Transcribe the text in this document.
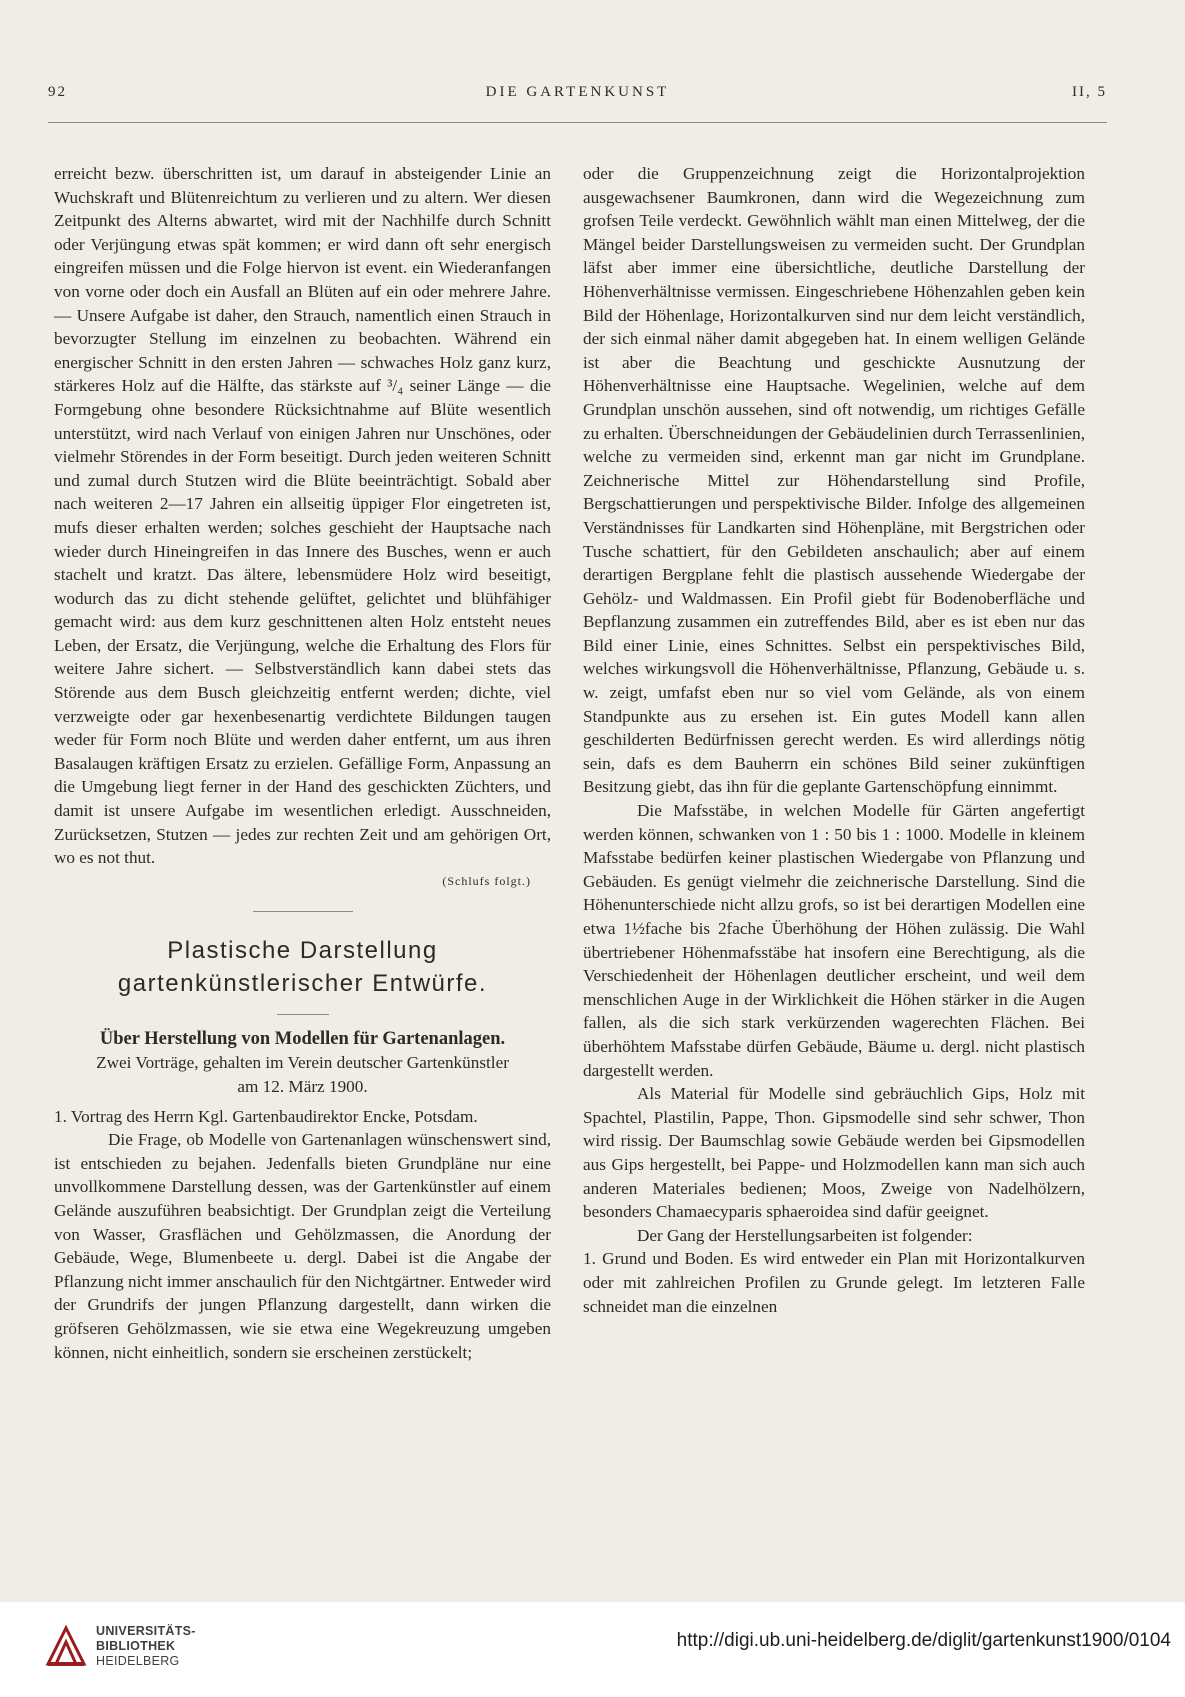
92	DIE GARTENKUNST	II, 5

erreicht bezw. überschritten ist, um darauf in absteigender Linie an Wuchskraft und Blütenreichtum zu verlieren und zu altern. Wer diesen Zeitpunkt des Alterns abwartet, wird mit der Nachhilfe durch Schnitt oder Verjüngung etwas spät kommen; er wird dann oft sehr energisch eingreifen müssen und die Folge hiervon ist event. ein Wiederanfangen von vorne oder doch ein Ausfall an Blüten auf ein oder mehrere Jahre. — Unsere Aufgabe ist daher, den Strauch, namentlich einen Strauch in bevorzugter Stellung im einzelnen zu beobachten. Während ein energischer Schnitt in den ersten Jahren — schwaches Holz ganz kurz, stärkeres Holz auf die Hälfte, das stärkste auf ³/₄ seiner Länge — die Formgebung ohne besondere Rücksichtnahme auf Blüte wesentlich unterstützt, wird nach Verlauf von einigen Jahren nur Unschönes, oder vielmehr Störendes in der Form beseitigt. Durch jeden weiteren Schnitt und zumal durch Stutzen wird die Blüte beeinträchtigt. Sobald aber nach weiteren 2—17 Jahren ein allseitig üppiger Flor eingetreten ist, mufs dieser erhalten werden; solches geschieht der Hauptsache nach wieder durch Hineingreifen in das Innere des Busches, wenn er auch stachelt und kratzt. Das ältere, lebensmüdere Holz wird beseitigt, wodurch das zu dicht stehende gelüftet, gelichtet und blühfähiger gemacht wird: aus dem kurz geschnittenen alten Holz entsteht neues Leben, der Ersatz, die Verjüngung, welche die Erhaltung des Flors für weitere Jahre sichert. — Selbstverständlich kann dabei stets das Störende aus dem Busch gleichzeitig entfernt werden; dichte, viel verzweigte oder gar hexenbesenartig verdichtete Bildungen taugen weder für Form noch Blüte und werden daher entfernt, um aus ihren Basalaugen kräftigen Ersatz zu erzielen. Gefällige Form, Anpassung an die Umgebung liegt ferner in der Hand des geschickten Züchters, und damit ist unsere Aufgabe im wesentlichen erledigt. Ausschneiden, Zurücksetzen, Stutzen — jedes zur rechten Zeit und am gehörigen Ort, wo es not thut.

(Schlufs folgt.)

Plastische Darstellung

gartenkünstlerischer Entwürfe.

Über Herstellung von Modellen für Gartenanlagen.

Zwei Vorträge, gehalten im Verein deutscher Gartenkünstler

am 12. März 1900.

1. Vortrag des Herrn Kgl. Gartenbaudirektor Encke, Potsdam.

Die Frage, ob Modelle von Gartenanlagen wünschenswert sind, ist entschieden zu bejahen. Jedenfalls bieten Grundpläne nur eine unvollkommene Darstellung dessen, was der Gartenkünstler auf einem Gelände auszuführen beabsichtigt. Der Grundplan zeigt die Verteilung von Wasser, Grasflächen und Gehölzmassen, die Anordung der Gebäude, Wege, Blumenbeete u. dergl. Dabei ist die Angabe der Pflanzung nicht immer anschaulich für den Nichtgärtner. Entweder wird der Grundrifs der jungen Pflanzung dargestellt, dann wirken die gröfseren Gehölzmassen, wie sie etwa eine Wegekreuzung umgeben können, nicht einheitlich, sondern sie erscheinen zerstückelt;

oder die Gruppenzeichnung zeigt die Horizontalprojektion ausgewachsener Baumkronen, dann wird die Wegezeichnung zum grofsen Teile verdeckt. Gewöhnlich wählt man einen Mittelweg, der die Mängel beider Darstellungsweisen zu vermeiden sucht. Der Grundplan läfst aber immer eine übersichtliche, deutliche Darstellung der Höhenverhältnisse vermissen. Eingeschriebene Höhenzahlen geben kein Bild der Höhenlage, Horizontalkurven sind nur dem leicht verständlich, der sich einmal näher damit abgegeben hat. In einem welligen Gelände ist aber die Beachtung und geschickte Ausnutzung der Höhenverhältnisse eine Hauptsache. Wegelinien, welche auf dem Grundplan unschön aussehen, sind oft notwendig, um richtiges Gefälle zu erhalten. Überschneidungen der Gebäudelinien durch Terrassenlinien, welche zu vermeiden sind, erkennt man gar nicht im Grundplane. Zeichnerische Mittel zur Höhendarstellung sind Profile, Bergschattierungen und perspektivische Bilder. Infolge des allgemeinen Verständnisses für Landkarten sind Höhenpläne, mit Bergstrichen oder Tusche schattiert, für den Gebildeten anschaulich; aber auf einem derartigen Bergplane fehlt die plastisch aussehende Wiedergabe der Gehölz- und Waldmassen. Ein Profil giebt für Bodenoberfläche und Bepflanzung zusammen ein zutreffendes Bild, aber es ist eben nur das Bild einer Linie, eines Schnittes. Selbst ein perspektivisches Bild, welches wirkungsvoll die Höhenverhältnisse, Pflanzung, Gebäude u. s. w. zeigt, umfafst eben nur so viel vom Gelände, als von einem Standpunkte aus zu ersehen ist. Ein gutes Modell kann allen geschilderten Bedürfnissen gerecht werden. Es wird allerdings nötig sein, dafs es dem Bauherrn ein schönes Bild seiner zukünftigen Besitzung giebt, das ihn für die geplante Gartenschöpfung einnimmt.

Die Mafsstäbe, in welchen Modelle für Gärten angefertigt werden können, schwanken von 1 : 50 bis 1 : 1000. Modelle in kleinem Mafsstabe bedürfen keiner plastischen Wiedergabe von Pflanzung und Gebäuden. Es genügt vielmehr die zeichnerische Darstellung. Sind die Höhenunterschiede nicht allzu grofs, so ist bei derartigen Modellen eine etwa 1½fache bis 2fache Überhöhung der Höhen zulässig. Die Wahl übertriebener Höhenmafsstäbe hat insofern eine Berechtigung, als die Verschiedenheit der Höhenlagen deutlicher erscheint, und weil dem menschlichen Auge in der Wirklichkeit die Höhen stärker in die Augen fallen, als die sich stark verkürzenden wagerechten Flächen. Bei überhöhtem Mafsstabe dürfen Gebäude, Bäume u. dergl. nicht plastisch dargestellt werden.

Als Material für Modelle sind gebräuchlich Gips, Holz mit Spachtel, Plastilin, Pappe, Thon. Gipsmodelle sind sehr schwer, Thon wird rissig. Der Baumschlag sowie Gebäude werden bei Gipsmodellen aus Gips hergestellt, bei Pappe- und Holzmodellen kann man sich auch anderen Materiales bedienen; Moos, Zweige von Nadelhölzern, besonders Chamaecyparis sphaeroidea sind dafür geeignet.

Der Gang der Herstellungsarbeiten ist folgender:

1. Grund und Boden. Es wird entweder ein Plan mit Horizontalkurven oder mit zahlreichen Profilen zu Grunde gelegt. Im letzteren Falle schneidet man die einzelnen

UNIVERSITÄTS-
BIBLIOTHEK
HEIDELBERG
http://digi.ub.uni-heidelberg.de/diglit/gartenkunst1900/0104
